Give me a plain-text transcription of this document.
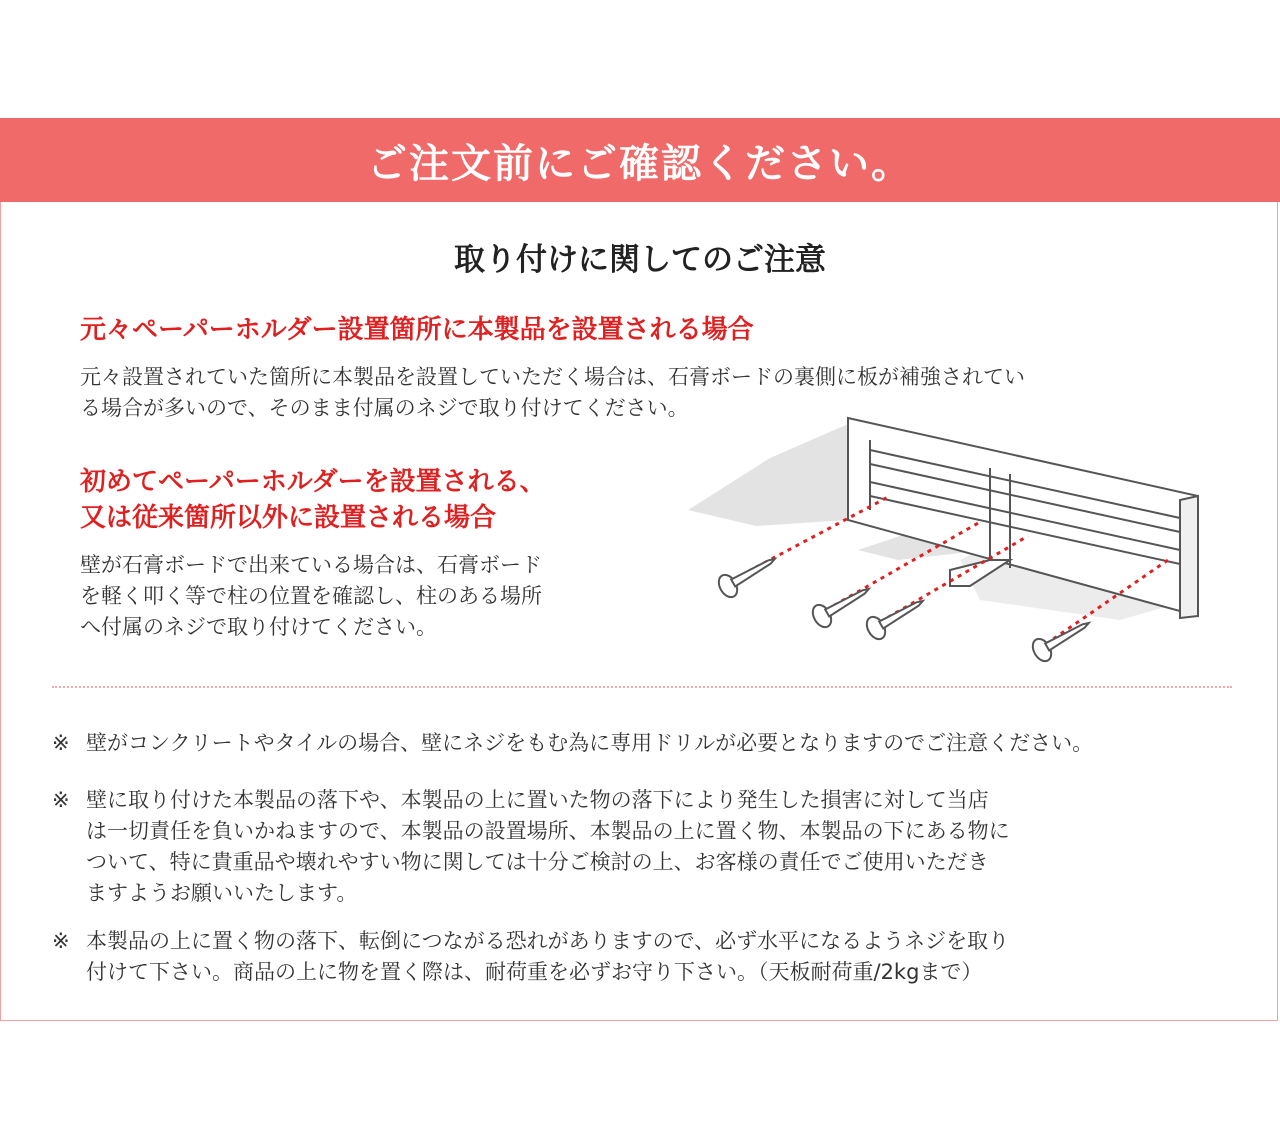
ご注文前にご確認ください。
取り付けに関してのご注意
元々ペーパーホルダー設置箇所に本製品を設置される場合
元々設置されていた箇所に本製品を設置していただく場合は、石膏ボードの裏側に板が補強されてい
る場合が多いので、そのまま付属のネジで取り付けてください。
初めてペーパーホルダーを設置される、
又は従来箇所以外に設置される場合
壁が石膏ボードで出来ている場合は、石膏ボード
を軽く叩く等で柱の位置を確認し、柱のある場所
へ付属のネジで取り付けてください。
※ 壁がコンクリートやタイルの場合、壁にネジをもむ為に専用ドリルが必要となりますのでご注意ください。
※ 壁に取り付けた本製品の落下や、本製品の上に置いた物の落下により発生した損害に対して当店
は一切責任を負いかねますので、本製品の設置場所、本製品の上に置く物、本製品の下にある物に
ついて、特に貴重品や壊れやすい物に関しては十分ご検討の上、お客様の責任でご使用いただき
ますようお願いいたします。
※ 本製品の上に置く物の落下、転倒につながる恐れがありますので、必ず水平になるようネジを取り
付けて下さい。商品の上に物を置く際は、耐荷重を必ずお守り下さい。（天板耐荷重/2kgまで）
